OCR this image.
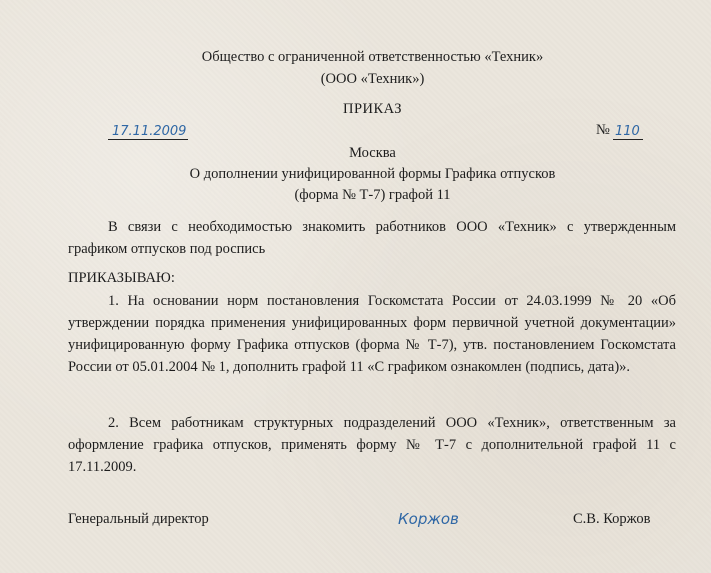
Общество с ограниченной ответственностью «Техник»
(ООО «Техник»)
ПРИКАЗ
17.11.2009	№ 110
Москва
О дополнении унифицированной формы Графика отпусков
(форма № Т-7) графой 11
В связи с необходимостью знакомить работников ООО «Техник» с утвержденным графиком отпусков под роспись
ПРИКАЗЫВАЮ:
1. На основании норм постановления Госкомстата России от 24.03.1999 № 20 «Об утверждении порядка применения унифицированных форм первичной учетной документации» унифицированную форму Графика отпусков (форма № Т-7), утв. постановлением Госкомстата России от 05.01.2004 № 1, дополнить графой 11 «С графиком ознакомлен (подпись, дата)».
2. Всем работникам структурных подразделений ООО «Техник», ответственным за оформление графика отпусков, применять форму № Т-7 с дополнительной графой 11 с 17.11.2009.
Генеральный директор	Коржов	С.В. Коржов
